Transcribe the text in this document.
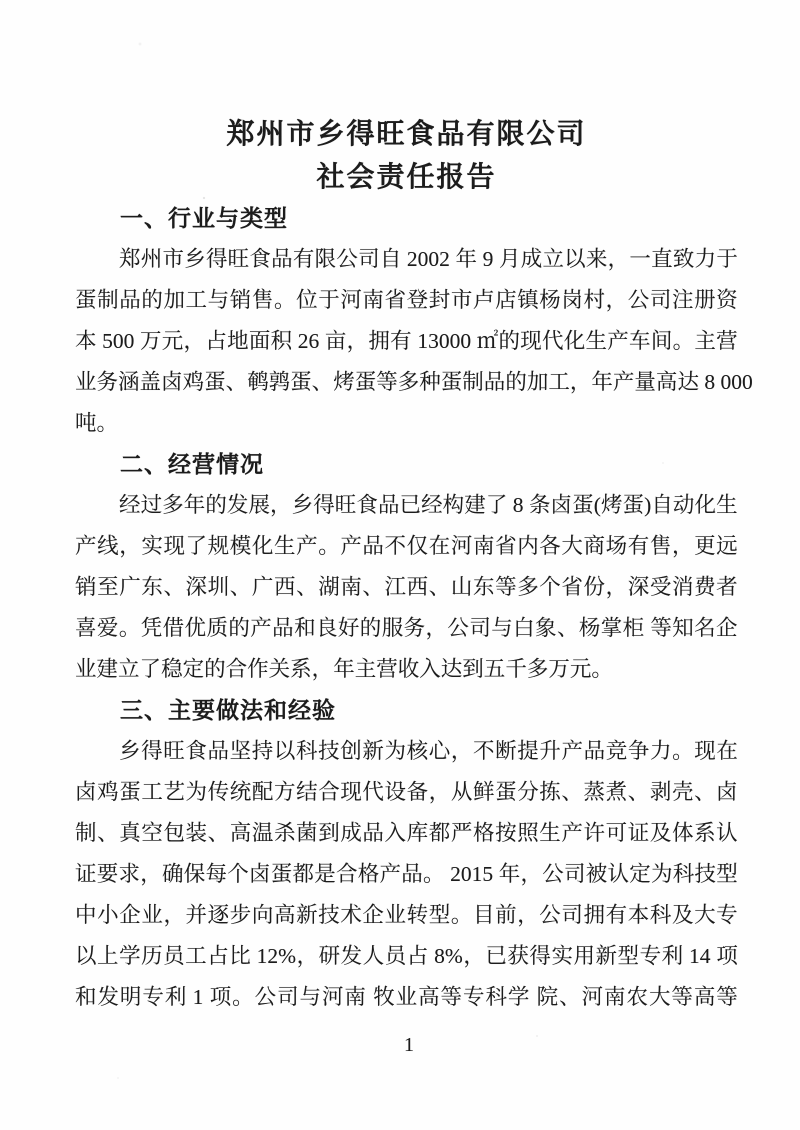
郑州市乡得旺食品有限公司
社会责任报告
一、行业与类型
郑 州 市 乡 得 旺 食 品 有 限 公 司 自 2002 年 9 月 成 立 以 来 ， 一 直 致 力 于
蛋 制 品 的 加 工 与 销 售 。 位 于 河 南 省 登 封 市 卢 店 镇 杨 岗 村 ， 公 司 注 册 资
本 500 万 元 ， 占 地 面 积 26 亩 ， 拥 有 13000 ㎡ 的 现 代 化 生 产 车 间 。 主 营
业 务 涵 盖 卤 鸡 蛋 、 鹌 鹑 蛋 、 烤 蛋 等 多 种 蛋 制 品 的 加 工 ， 年 产 量 高 达 8 000
吨 。
二、经营情况
经 过 多 年 的 发 展 ， 乡 得 旺 食 品 已 经 构 建 了 8 条 卤 蛋 ( 烤 蛋 ) 自 动 化 生
产 线 ， 实 现 了 规 模 化 生 产 。 产 品 不 仅 在 河 南 省 内 各 大 商 场 有 售 ， 更 远
销 至 广 东 、 深 圳 、 广 西 、 湖 南 、 江 西 、 山 东 等 多 个 省 份 ， 深 受 消 费 者
喜 爱 。 凭 借 优 质 的 产 品 和 良 好 的 服 务 ， 公 司 与 白 象 、 杨 掌 柜
等 知 名 企
业 建 立 了 稳 定 的 合 作 关 系 ， 年 主 营 收 入 达 到 五 千 多 万 元 。
三、主要做法和经验
乡 得 旺 食 品 坚 持 以 科 技 创 新 为 核 心 ， 不 断 提 升 产 品 竞 争 力 。 现 在
卤 鸡 蛋 工 艺 为 传 统 配 方 结 合 现 代 设 备 ， 从 鲜 蛋 分 拣 、 蒸 煮 、 剥 壳 、 卤
制 、 真 空 包 装 、 高 温 杀 菌 到 成 品 入 库 都 严 格 按 照 生 产 许 可 证 及 体 系 认
证 要 求 ， 确 保 每 个 卤 蛋 都 是 合 格 产 品 。 2015 年 ， 公 司 被 认 定 为 科 技 型
中 小 企 业 ， 并 逐 步 向 高 新 技 术 企 业 转 型 。 目 前 ， 公 司 拥 有 本 科 及 大 专
以 上 学 历 员 工 占 比 12% ， 研 发 人 员 占 8% ， 已 获 得 实 用 新 型 专 利 14 项
和 发 明 专 利 1 项 。 公 司 与 河 南
牧 业 高 等 专 科 学
院 、 河 南 农 大 等 高 等
1
